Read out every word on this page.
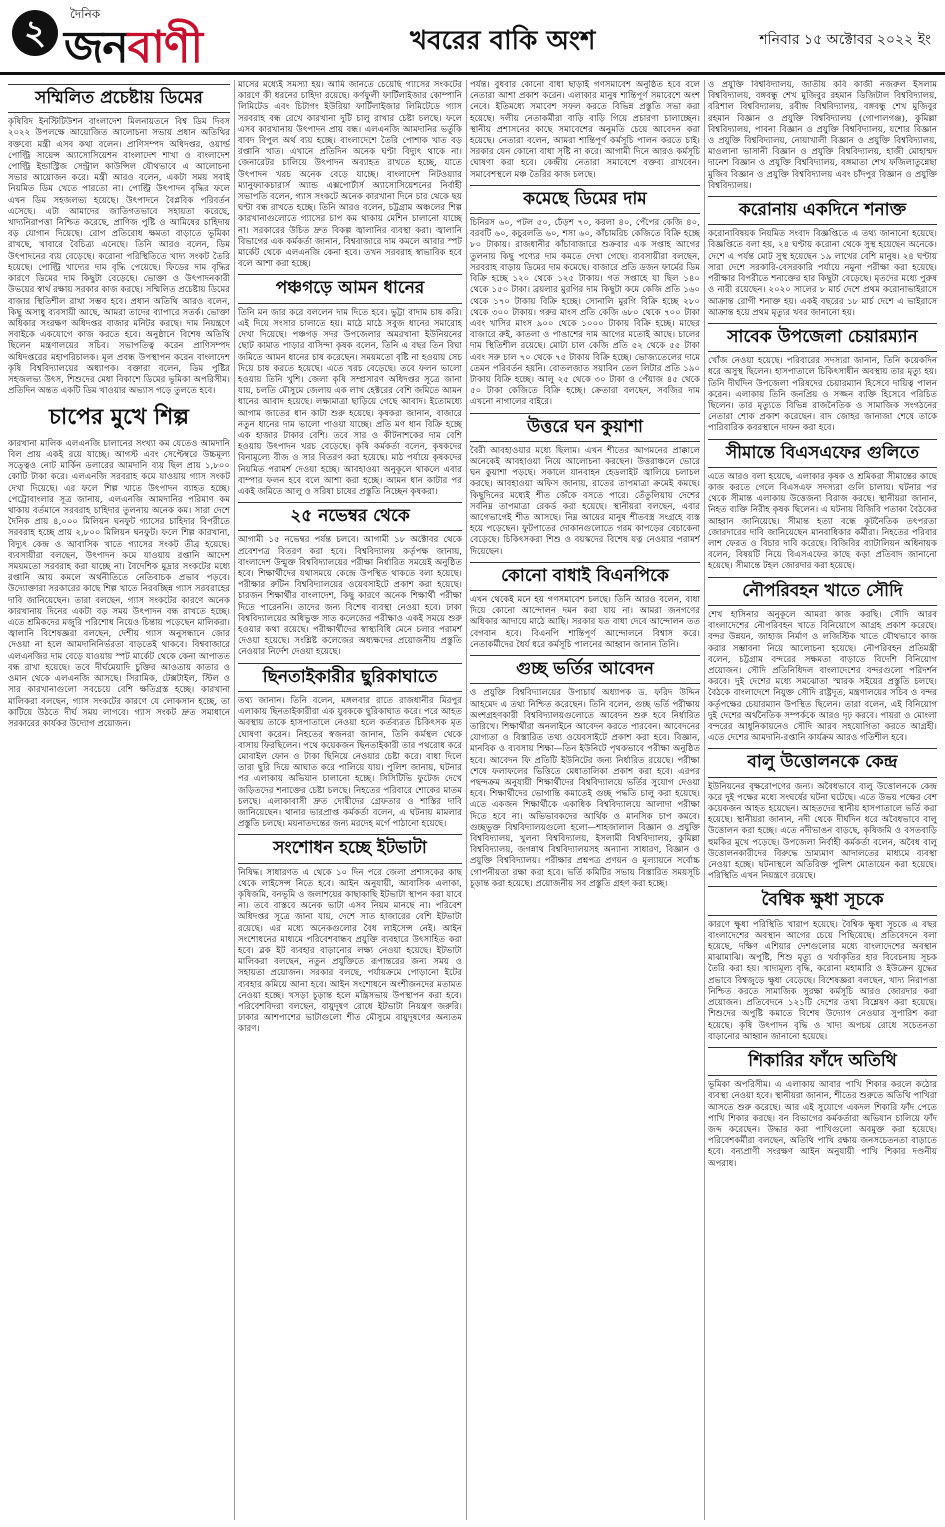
২	দৈনিক
জনবাণী	খবরের বাকি অংশ	শনিবার ১৫ অক্টোবর ২০২২ ইং
সম্মিলিত প্রচেষ্টায় ডিমের

কৃষিবিদ ইনস্টিটিউশন বাংলাদেশ মিলনায়তনে বিশ্ব ডিম দিবস ২০২২ উপলক্ষে আয়োজিত আলোচনা সভায় প্রধান অতিথির বক্তব্যে মন্ত্রী এসব কথা বলেন। প্রাণিসম্পদ অধিদপ্তর, ওয়ার্ল্ড পোল্ট্রি সায়েন্স অ্যাসোসিয়েশন বাংলাদেশ শাখা ও বাংলাদেশ পোল্ট্রি ইন্ডাস্ট্রিজ সেন্ট্রাল কাউন্সিল যৌথভাবে এ আলোচনা সভার আয়োজন করে। মন্ত্রী আরও বলেন, একটা সময় সবাই নিয়মিত ডিম খেতে পারতো না। পোল্ট্রি উৎপাদন বৃদ্ধির ফলে এখন ডিম সহজলভ্য হয়েছে। উৎপাদনে বৈপ্লবিক পরিবর্তন এসেছে। এটা আমাদের জাতিগতভাবে সহায়তা করেছে, খাদ্যনিরাপত্তা নিশ্চিত করেছে, প্রাণিজ পুষ্টি ও আমিষের চাহিদায় বড় যোগান দিয়েছে। রোগ প্রতিরোধ ক্ষমতা বাড়াতে ভূমিকা রাখছে, খাবারে বৈচিত্র্য এনেছে। তিনি আরও বলেন, ডিম উৎপাদনের ব্যয় বেড়েছে। করোনা পরিস্থিতিতে খাদ্য সংকট তৈরি হয়েছে। পোল্ট্রি খাদ্যের দাম বৃদ্ধি পেয়েছে। ফিডের দাম বৃদ্ধির কারণে ডিমের দাম কিছুটা বেড়েছে। ভোক্তা ও উৎপাদনকারী উভয়ের স্বার্থ রক্ষায় সরকার কাজ করছে। সম্মিলিত প্রচেষ্টায় ডিমের বাজার স্থিতিশীল রাখা সম্ভব হবে। প্রধান অতিথি আরও বলেন, কিছু অসাধু ব্যবসায়ী আছে, আমরা তাদের ব্যাপারে সতর্ক। ভোক্তা অধিকার সংরক্ষণ অধিদপ্তর বাজার মনিটর করছে। দাম নিয়ন্ত্রণে সবাইকে একযোগে কাজ করতে হবে। অনুষ্ঠানে বিশেষ অতিথি ছিলেন মন্ত্রণালয়ের সচিব। সভাপতিত্ব করেন প্রাণিসম্পদ অধিদপ্তরের মহাপরিচালক। মূল প্রবন্ধ উপস্থাপন করেন বাংলাদেশ কৃষি বিশ্ববিদ্যালয়ের অধ্যাপক। বক্তারা বলেন, ডিম পুষ্টির সহজলভ্য উৎস, শিশুদের মেধা বিকাশে ডিমের ভূমিকা অপরিসীম। প্রতিদিন অন্তত একটি ডিম খাওয়ার অভ্যাস গড়ে তুলতে হবে।

চাপের মুখে শিল্প

কারখানা মালিক এলএনজি চালানের সংখ্যা কম যেতেও আমদানি বিল প্রায় একই রয়ে যাচ্ছে। আগস্ট এবং সেপ্টেম্বরে উচ্চমূল্য সত্ত্বেও নোট মার্কিন ডলারের আমদানি ব্যয় ছিল প্রায় ১,৮০০ কোটি টাকা করে। এলএনজি সরবরাহ কমে যাওয়ায় গ্যাস সংকট দেখা দিয়েছে। এর ফলে শিল্প খাতে উৎপাদন ব্যাহত হচ্ছে। পেট্রোবাংলার সূত্র জানায়, এলএনজি আমদানির পরিমাণ কম থাকায় বর্তমানে সরবরাহ চাহিদার তুলনায় অনেক কম। সারা দেশে দৈনিক প্রায় ৪,০০০ মিলিয়ন ঘনফুট গ্যাসের চাহিদার বিপরীতে সরবরাহ হচ্ছে প্রায় ২,৮০০ মিলিয়ন ঘনফুট। ফলে শিল্প কারখানা, বিদ্যুৎ কেন্দ্র ও আবাসিক খাতে গ্যাসের সংকট তীব্র হয়েছে। ব্যবসায়ীরা বলছেন, উৎপাদন কমে যাওয়ায় রপ্তানি আদেশ সময়মতো সরবরাহ করা যাচ্ছে না। বৈদেশিক মুদ্রার সংকটের মধ্যে রপ্তানি আয় কমলে অর্থনীতিতে নেতিবাচক প্রভাব পড়বে। উদ্যোক্তারা সরকারের কাছে শিল্প খাতে নিরবচ্ছিন্ন গ্যাস সরবরাহের দাবি জানিয়েছেন। তারা বলছেন, গ্যাস সংকটের কারণে অনেক কারখানায় দিনের একটা বড় সময় উৎপাদন বন্ধ রাখতে হচ্ছে। এতে শ্রমিকদের মজুরি পরিশোধ নিয়েও চিন্তায় পড়েছেন মালিকরা। জ্বালানি বিশেষজ্ঞরা বলছেন, দেশীয় গ্যাস অনুসন্ধানে জোর দেওয়া না হলে আমদানিনির্ভরতা বাড়তেই থাকবে। বিশ্ববাজারে এলএনজির দাম বেড়ে যাওয়ায় স্পট মার্কেট থেকে কেনা আপাতত বন্ধ রাখা হয়েছে। তবে দীর্ঘমেয়াদি চুক্তির আওতায় কাতার ও ওমান থেকে এলএনজি আসছে। সিরামিক, টেক্সটাইল, স্টিল ও সার কারখানাগুলো সবচেয়ে বেশি ক্ষতিগ্রস্ত হচ্ছে। কারখানা মালিকরা বলছেন, গ্যাস সংকটের কারণে যে লোকসান হচ্ছে, তা কাটিয়ে উঠতে দীর্ঘ সময় লাগবে। গ্যাস সংকট দ্রুত সমাধানে সরকারের কার্যকর উদ্যোগ প্রয়োজন।

মাসের মধ্যেই সমস্যা হয়। আমি জানতে চেয়েছি গ্যাসের সংকটের কারণে কী ধরনের চাহিদা রয়েছে। কর্ণফুলী ফার্টিলাইজার কোম্পানি লিমিটেড এবং চিটাগং ইউরিয়া ফার্টিলাইজার লিমিটেডে গ্যাস সরবরাহ বন্ধ রেখে কারখানা দুটি চালু রাখার চেষ্টা চলছে। ফলে এসব কারখানায় উৎপাদন প্রায় বন্ধ। এলএনজি আমদানির ভর্তুকি বাবদ বিপুল অর্থ ব্যয় হচ্ছে। বাংলাদেশে তৈরি পোশাক খাত বড় রপ্তানি খাত। এখানে প্রতিদিন অনেক ঘণ্টা বিদ্যুৎ থাকে না। জেনারেটর চালিয়ে উৎপাদন অব্যাহত রাখতে হচ্ছে, যাতে উৎপাদন খরচ অনেক বেড়ে যাচ্ছে। বাংলাদেশ নিটওয়্যার ম্যানুফ্যাকচারার্স অ্যান্ড এক্সপোর্টার্স অ্যাসোসিয়েশনের নির্বাহী সভাপতি বলেন, গ্যাস সংকটে অনেক কারখানা দিনে চার থেকে ছয় ঘণ্টা বন্ধ রাখতে হচ্ছে। তিনি আরও বলেন, চট্টগ্রাম অঞ্চলের শিল্প কারখানাগুলোতে গ্যাসের চাপ কম থাকায় মেশিন চালানো যাচ্ছে না। সরকারের উচিত দ্রুত বিকল্প জ্বালানির ব্যবস্থা করা। জ্বালানি বিভাগের এক কর্মকর্তা জানান, বিশ্ববাজারে দাম কমলে আবার স্পট মার্কেট থেকে এলএনজি কেনা হবে। তখন সরবরাহ স্বাভাবিক হবে বলে আশা করা হচ্ছে।

পঞ্চগড়ে আমন ধানের

তিনি মন জার করে বললেন দাম দিতে হবে। ভুট্টা বাদাম চাষ করি। এই দিয়ে সংসার চালাতে হয়। মাঠে মাঠে সবুজ ধানের সমারোহ দেখা দিয়েছে। পঞ্চগড় সদর উপজেলার অমরখানা ইউনিয়নের ছোট কামাত পাড়ার বাসিন্দা কৃষক বলেন, তিনি এ বছর তিন বিঘা জমিতে আমন ধানের চাষ করেছেন। সময়মতো বৃষ্টি না হওয়ায় সেচ দিয়ে চাষ করতে হয়েছে। এতে খরচ বেড়েছে। তবে ফলন ভালো হওয়ায় তিনি খুশি। জেলা কৃষি সম্প্রসারণ অধিদপ্তর সূত্রে জানা যায়, চলতি মৌসুমে জেলায় এক লাখ হেক্টরের বেশি জমিতে আমন ধানের আবাদ হয়েছে। লক্ষ্যমাত্রা ছাড়িয়ে গেছে আবাদ। ইতোমধ্যে আগাম জাতের ধান কাটা শুরু হয়েছে। কৃষকরা জানান, বাজারে নতুন ধানের দাম ভালো পাওয়া যাচ্ছে। প্রতি মণ ধান বিক্রি হচ্ছে এক হাজার টাকার বেশি। তবে সার ও কীটনাশকের দাম বেশি হওয়ায় উৎপাদন খরচ বেড়েছে। কৃষি কর্মকর্তা বলেন, কৃষকদের বিনামূল্যে বীজ ও সার বিতরণ করা হয়েছে। মাঠ পর্যায়ে কৃষকদের নিয়মিত পরামর্শ দেওয়া হচ্ছে। আবহাওয়া অনুকূলে থাকলে এবার বাম্পার ফলন হবে বলে আশা করা হচ্ছে। আমন ধান কাটার পর একই জমিতে আলু ও সরিষা চাষের প্রস্তুতি নিচ্ছেন কৃষকরা।

২৫ নভেম্বর থেকে

আগামী ১৫ নভেম্বর পর্যন্ত চলবে। আগামী ১৮ অক্টোবর থেকে প্রবেশপত্র বিতরণ করা হবে। বিশ্ববিদ্যালয় কর্তৃপক্ষ জানায়, বাংলাদেশ উন্মুক্ত বিশ্ববিদ্যালয়ের পরীক্ষা নির্ধারিত সময়েই অনুষ্ঠিত হবে। শিক্ষার্থীদের যথাসময়ে কেন্দ্রে উপস্থিত থাকতে বলা হয়েছে। পরীক্ষার রুটিন বিশ্ববিদ্যালয়ের ওয়েবসাইটে প্রকাশ করা হয়েছে। চারজন শিক্ষার্থীর বাংলাদেশ, কিছু কারণে অনেক শিক্ষার্থী পরীক্ষা দিতে পারেননি। তাদের জন্য বিশেষ ব্যবস্থা নেওয়া হবে। ঢাকা বিশ্ববিদ্যালয়ের অধিভুক্ত সাত কলেজের পরীক্ষাও একই সময়ে শুরু হওয়ার কথা রয়েছে। পরীক্ষার্থীদের স্বাস্থ্যবিধি মেনে চলার পরামর্শ দেওয়া হয়েছে। সংশ্লিষ্ট কলেজের অধ্যক্ষদের প্রয়োজনীয় প্রস্তুতি নেওয়ার নির্দেশ দেওয়া হয়েছে।

ছিনতাইকারীর ছুরিকাঘাতে

তথ্য জানান। তিনি বলেন, মঙ্গলবার রাতে রাজধানীর মিরপুর এলাকায় ছিনতাইকারীরা এক যুবককে ছুরিকাঘাত করে। পরে আহত অবস্থায় তাকে হাসপাতালে নেওয়া হলে কর্তব্যরত চিকিৎসক মৃত ঘোষণা করেন। নিহতের স্বজনরা জানান, তিনি কর্মস্থল থেকে বাসায় ফিরছিলেন। পথে কয়েকজন ছিনতাইকারী তার পথরোধ করে মোবাইল ফোন ও টাকা ছিনিয়ে নেওয়ার চেষ্টা করে। বাধা দিলে তারা ছুরি দিয়ে আঘাত করে পালিয়ে যায়। পুলিশ জানায়, ঘটনার পর এলাকায় অভিযান চালানো হচ্ছে। সিসিটিভি ফুটেজ দেখে জড়িতদের শনাক্তের চেষ্টা চলছে। নিহতের পরিবারে শোকের মাতম চলছে। এলাকাবাসী দ্রুত দোষীদের গ্রেফতার ও শাস্তির দাবি জানিয়েছেন। থানার ভারপ্রাপ্ত কর্মকর্তা বলেন, এ ঘটনায় মামলার প্রস্তুতি চলছে। ময়নাতদন্তের জন্য মরদেহ মর্গে পাঠানো হয়েছে।

সংশোধন হচ্ছে ইটভাটা

নিষিদ্ধ। সাধারণত এ থেকে ১০ দিন পরে জেলা প্রশাসকের কাছ থেকে লাইসেন্স নিতে হবে। আইন অনুযায়ী, আবাসিক এলাকা, কৃষিজমি, বনভূমি ও জলাশয়ের কাছাকাছি ইটভাটা স্থাপন করা যাবে না। তবে বাস্তবে অনেক ভাটা এসব নিয়ম মানছে না। পরিবেশ অধিদপ্তর সূত্রে জানা যায়, দেশে সাত হাজারের বেশি ইটভাটা রয়েছে। এর মধ্যে অনেকগুলোর বৈধ লাইসেন্স নেই। আইন সংশোধনের মাধ্যমে পরিবেশবান্ধব প্রযুক্তি ব্যবহারে উৎসাহিত করা হবে। ব্লক ইট ব্যবহার বাড়ানোর লক্ষ্য নেওয়া হয়েছে। ইটভাটা মালিকরা বলছেন, নতুন প্রযুক্তিতে রূপান্তরের জন্য সময় ও সহায়তা প্রয়োজন। সরকার বলছে, পর্যায়ক্রমে পোড়ানো ইটের ব্যবহার কমিয়ে আনা হবে। আইন সংশোধনে অংশীজনদের মতামত নেওয়া হচ্ছে। খসড়া চূড়ান্ত হলে মন্ত্রিসভায় উপস্থাপন করা হবে। পরিবেশবিদরা বলছেন, বায়ুদূষণ রোধে ইটভাটা নিয়ন্ত্রণ জরুরি। ঢাকার আশপাশের ভাটাগুলো শীত মৌসুমে বায়ুদূষণের অন্যতম কারণ।

পর্যন্ত। বুধবার কোনো বাধা ছাড়াই গণসমাবেশ অনুষ্ঠিত হবে বলে নেতারা আশা প্রকাশ করেন। এলাকার মানুষ শান্তিপূর্ণ সমাবেশে অংশ নেবে। ইতিমধ্যে সমাবেশ সফল করতে বিভিন্ন প্রস্তুতি সভা করা হয়েছে। দলীয় নেতাকর্মীরা বাড়ি বাড়ি গিয়ে প্রচারণা চালাচ্ছেন। স্থানীয় প্রশাসনের কাছে সমাবেশের অনুমতি চেয়ে আবেদন করা হয়েছে। নেতারা বলেন, আমরা শান্তিপূর্ণ কর্মসূচি পালন করতে চাই। সরকার যেন কোনো বাধা সৃষ্টি না করে। আগামী দিনে আরও কর্মসূচি ঘোষণা করা হবে। কেন্দ্রীয় নেতারা সমাবেশে বক্তব্য রাখবেন। সমাবেশস্থলে মঞ্চ তৈরির কাজ চলছে।

কমেছে ডিমের দাম

চিনিরস ৬০, পটল ৫০, ঢেঁড়শ ৭০, করলা ৪০, পেঁপের কেজি ৪০, বরবটি ৬০, কচুরলতি ৬০, শসা ৬০, কাঁচামরিচ কেজিতে বিক্রি হচ্ছে ৮০ টাকায়। রাজধানীর কাঁচাবাজারে শুক্রবার এক সপ্তাহ আগের তুলনায় কিছু পণ্যের দাম কমতে দেখা গেছে। ব্যবসায়ীরা বলছেন, সরবরাহ বাড়ায় ডিমের দাম কমেছে। বাজারে প্রতি ডজন ফার্মের ডিম বিক্রি হচ্ছে ১২০ থেকে ১২৫ টাকায়। গত সপ্তাহে যা ছিল ১৪০ থেকে ১৫০ টাকা। ব্রয়লার মুরগির দাম কিছুটা কমে কেজি প্রতি ১৬০ থেকে ১৭০ টাকায় বিক্রি হচ্ছে। সোনালি মুরগি বিক্রি হচ্ছে ২৮০ থেকে ৩০০ টাকায়। গরুর মাংস প্রতি কেজি ৬৮০ থেকে ৭০০ টাকা এবং খাসির মাংস ৯০০ থেকে ১০০০ টাকায় বিক্রি হচ্ছে। মাছের বাজারে রুই, কাতলা ও পাঙাশের দাম আগের মতোই আছে। চালের দাম স্থিতিশীল রয়েছে। মোটা চাল কেজি প্রতি ৫২ থেকে ৫৫ টাকা এবং সরু চাল ৭০ থেকে ৭৫ টাকায় বিক্রি হচ্ছে। ভোজ্যতেলের দামে তেমন পরিবর্তন হয়নি। বোতলজাত সয়াবিন তেল লিটার প্রতি ১৯০ টাকায় বিক্রি হচ্ছে। আলু ২৫ থেকে ৩০ টাকা ও পেঁয়াজ ৪৫ থেকে ৫০ টাকা কেজিতে বিক্রি হচ্ছে। ক্রেতারা বলছেন, সবজির দাম এখনো নাগালের বাইরে।

উত্তরে ঘন কুয়াশা

বৈরী আবহাওয়ার মধ্যে ছিলাম। এখন শীতের আগমনের প্রাক্কালে অনেকেই আবহাওয়া নিয়ে আলোচনা করছেন। উত্তরাঞ্চলে ভোরে ঘন কুয়াশা পড়ছে। সকালে যানবাহন হেডলাইট জ্বালিয়ে চলাচল করছে। আবহাওয়া অফিস জানায়, রাতের তাপমাত্রা ক্রমেই কমছে। কিছুদিনের মধ্যেই শীত জেঁকে বসতে পারে। তেঁতুলিয়ায় দেশের সর্বনিম্ন তাপমাত্রা রেকর্ড করা হয়েছে। স্থানীয়রা বলছেন, এবার আগেভাগেই শীত আসছে। নিম্ন আয়ের মানুষ শীতবস্ত্র সংগ্রহে ব্যস্ত হয়ে পড়েছেন। ফুটপাতের দোকানগুলোতে গরম কাপড়ের বেচাকেনা বেড়েছে। চিকিৎসকরা শিশু ও বয়স্কদের বিশেষ যত্ন নেওয়ার পরামর্শ দিয়েছেন।

কোনো বাধাই বিএনপিকে

এখন থেকেই মনে হয় গণসমাবেশ চলছে। তিনি আরও বলেন, বাধা দিয়ে কোনো আন্দোলন দমন করা যায় না। আমরা জনগণের অধিকার আদায়ে মাঠে আছি। সরকার যত বাধা দেবে আন্দোলন তত বেগবান হবে। বিএনপি শান্তিপূর্ণ আন্দোলনে বিশ্বাস করে। নেতাকর্মীদের ধৈর্য ধরে কর্মসূচি পালনের আহ্বান জানান তিনি।

গুচ্ছ ভর্তির আবেদন

ও প্রযুক্তি বিশ্ববিদ্যালয়ের উপাচার্য অধ্যাপক ড. ফরিদ উদ্দিন আহমেদ এ তথ্য নিশ্চিত করেছেন। তিনি বলেন, গুচ্ছ ভর্তি পরীক্ষায় অংশগ্রহণকারী বিশ্ববিদ্যালয়গুলোতে আবেদন শুরু হবে নির্ধারিত তারিখে। শিক্ষার্থীরা অনলাইনে আবেদন করতে পারবেন। আবেদনের যোগ্যতা ও বিস্তারিত তথ্য ওয়েবসাইটে প্রকাশ করা হবে। বিজ্ঞান, মানবিক ও ব্যবসায় শিক্ষা—তিন ইউনিটে পৃথকভাবে পরীক্ষা অনুষ্ঠিত হবে। আবেদন ফি প্রতিটি ইউনিটের জন্য নির্ধারিত রয়েছে। পরীক্ষা শেষে ফলাফলের ভিত্তিতে মেধাতালিকা প্রকাশ করা হবে। এরপর পছন্দক্রম অনুযায়ী শিক্ষার্থীদের বিশ্ববিদ্যালয়ে ভর্তির সুযোগ দেওয়া হবে। শিক্ষার্থীদের ভোগান্তি কমাতেই গুচ্ছ পদ্ধতি চালু করা হয়েছে। এতে একজন শিক্ষার্থীকে একাধিক বিশ্ববিদ্যালয়ে আলাদা পরীক্ষা দিতে হবে না। অভিভাবকদের আর্থিক ও মানসিক চাপ কমবে। গুচ্ছভুক্ত বিশ্ববিদ্যালয়গুলো হলো—শাহজালাল বিজ্ঞান ও প্রযুক্তি বিশ্ববিদ্যালয়, খুলনা বিশ্ববিদ্যালয়, ইসলামী বিশ্ববিদ্যালয়, কুমিল্লা বিশ্ববিদ্যালয়, জগন্নাথ বিশ্ববিদ্যালয়সহ অন্যান্য সাধারণ, বিজ্ঞান ও প্রযুক্তি বিশ্ববিদ্যালয়। পরীক্ষার প্রশ্নপত্র প্রণয়ন ও মূল্যায়নে সর্বোচ্চ গোপনীয়তা রক্ষা করা হবে। ভর্তি কমিটির সভায় বিস্তারিত সময়সূচি চূড়ান্ত করা হয়েছে। প্রয়োজনীয় সব প্রস্তুতি গ্রহণ করা হচ্ছে।

ও প্রযুক্তি বিশ্ববিদ্যালয়, জাতীয় কবি কাজী নজরুল ইসলাম বিশ্ববিদ্যালয়, বঙ্গবন্ধু শেখ মুজিবুর রহমান ডিজিটাল বিশ্ববিদ্যালয়, বরিশাল বিশ্ববিদ্যালয়, রবীন্দ্র বিশ্ববিদ্যালয়, বঙ্গবন্ধু শেখ মুজিবুর রহমান বিজ্ঞান ও প্রযুক্তি বিশ্ববিদ্যালয় (গোপালগঞ্জ), কুমিল্লা বিশ্ববিদ্যালয়, পাবনা বিজ্ঞান ও প্রযুক্তি বিশ্ববিদ্যালয়, যশোর বিজ্ঞান ও প্রযুক্তি বিশ্ববিদ্যালয়, নোয়াখালী বিজ্ঞান ও প্রযুক্তি বিশ্ববিদ্যালয়, মাওলানা ভাসানী বিজ্ঞান ও প্রযুক্তি বিশ্ববিদ্যালয়, হাজী মোহাম্মদ দানেশ বিজ্ঞান ও প্রযুক্তি বিশ্ববিদ্যালয়, বঙ্গমাতা শেখ ফজিলাতুন্নেছা মুজিব বিজ্ঞান ও প্রযুক্তি বিশ্ববিদ্যালয় এবং চাঁদপুর বিজ্ঞান ও প্রযুক্তি বিশ্ববিদ্যালয়।

করোনায় একদিনে শনাক্ত

করোনাবিষয়ক নিয়মিত সংবাদ বিজ্ঞপ্তিতে এ তথ্য জানানো হয়েছে। বিজ্ঞপ্তিতে বলা হয়, ২৪ ঘণ্টায় করোনা থেকে সুস্থ হয়েছেন অনেকে। দেশে এ পর্যন্ত মোট সুস্থ হয়েছেন ১৯ লাখের বেশি মানুষ। ২৪ ঘণ্টায় সারা দেশে সরকারি-বেসরকারি পর্যায়ে নমুনা পরীক্ষা করা হয়েছে। পরীক্ষার বিপরীতে শনাক্তের হার কিছুটা বেড়েছে। মৃতদের মধ্যে পুরুষ ও নারী রয়েছেন। ২০২০ সালের ৮ মার্চ দেশে প্রথম করোনাভাইরাসে আক্রান্ত রোগী শনাক্ত হয়। একই বছরের ১৮ মার্চ দেশে এ ভাইরাসে আক্রান্ত হয়ে প্রথম মৃত্যুর খবর জানানো হয়।

সাবেক উপজেলা চেয়ারম্যান

খোঁজ নেওয়া হয়েছে। পরিবারের সদস্যরা জানান, তিনি কয়েকদিন ধরে অসুস্থ ছিলেন। হাসপাতালে চিকিৎসাধীন অবস্থায় তার মৃত্যু হয়। তিনি দীর্ঘদিন উপজেলা পরিষদের চেয়ারম্যান হিসেবে দায়িত্ব পালন করেন। এলাকায় তিনি জনপ্রিয় ও সজ্জন ব্যক্তি হিসেবে পরিচিত ছিলেন। তার মৃত্যুতে বিভিন্ন রাজনৈতিক ও সামাজিক সংগঠনের নেতারা শোক প্রকাশ করেছেন। বাদ জোহর জানাজা শেষে তাকে পারিবারিক কবরস্থানে দাফন করা হবে।

সীমান্তে বিএসএফের গুলিতে

এতে আরও বলা হয়েছে, এলাকার কৃষক ও শ্রমিকরা সীমান্তের কাছে কাজ করতে গেলে বিএসএফ সদস্যরা গুলি চালায়। ঘটনার পর থেকে সীমান্ত এলাকায় উত্তেজনা বিরাজ করছে। স্থানীয়রা জানান, নিহত ব্যক্তি নিরীহ কৃষক ছিলেন। এ ঘটনায় বিজিবি পতাকা বৈঠকের আহ্বান জানিয়েছে। সীমান্ত হত্যা বন্ধে কূটনৈতিক তৎপরতা জোরদারের দাবি জানিয়েছেন মানবাধিকার কর্মীরা। নিহতের পরিবার লাশ ফেরত ও বিচার দাবি করেছে। বিজিবির ব্যাটালিয়ন অধিনায়ক বলেন, বিষয়টি নিয়ে বিএসএফের কাছে কড়া প্রতিবাদ জানানো হয়েছে। সীমান্তে টহল জোরদার করা হয়েছে।

নৌপরিবহন খাতে সৌদি

শেখ হাসিনার অনুকূলে আমরা কাজ করছি। সৌদি আরব বাংলাদেশের নৌপরিবহন খাতে বিনিয়োগে আগ্রহ প্রকাশ করেছে। বন্দর উন্নয়ন, জাহাজ নির্মাণ ও লজিস্টিক খাতে যৌথভাবে কাজ করার সম্ভাবনা নিয়ে আলোচনা হয়েছে। নৌপরিবহন প্রতিমন্ত্রী বলেন, চট্টগ্রাম বন্দরের সক্ষমতা বাড়াতে বিদেশি বিনিয়োগ প্রয়োজন। সৌদি প্রতিনিধিদল বাংলাদেশের বন্দরগুলো পরিদর্শন করবে। দুই দেশের মধ্যে সমঝোতা স্মারক সইয়ের প্রস্তুতি চলছে। বৈঠকে বাংলাদেশে নিযুক্ত সৌদি রাষ্ট্রদূত, মন্ত্রণালয়ের সচিব ও বন্দর কর্তৃপক্ষের চেয়ারম্যান উপস্থিত ছিলেন। তারা বলেন, এই বিনিয়োগ দুই দেশের অর্থনৈতিক সম্পর্ককে আরও দৃঢ় করবে। পায়রা ও মোংলা বন্দরের আধুনিকায়নেও সৌদি আরব সহযোগিতা করতে আগ্রহী। এতে দেশের আমদানি-রপ্তানি কার্যক্রম আরও গতিশীল হবে।

বালু উত্তোলনকে কেন্দ্র

ইউনিয়নের বৃক্ষরোপণের জন্য। অবৈধভাবে বালু উত্তোলনকে কেন্দ্র করে দুই পক্ষের মধ্যে সংঘর্ষের ঘটনা ঘটেছে। এতে উভয় পক্ষের বেশ কয়েকজন আহত হয়েছেন। আহতদের স্থানীয় হাসপাতালে ভর্তি করা হয়েছে। স্থানীয়রা জানান, নদী থেকে দীর্ঘদিন ধরে অবৈধভাবে বালু উত্তোলন করা হচ্ছে। এতে নদীভাঙন বাড়ছে, কৃষিজমি ও বসতবাড়ি হুমকির মুখে পড়েছে। উপজেলা নির্বাহী কর্মকর্তা বলেন, অবৈধ বালু উত্তোলনকারীদের বিরুদ্ধে ভ্রাম্যমাণ আদালতের মাধ্যমে ব্যবস্থা নেওয়া হচ্ছে। ঘটনাস্থলে অতিরিক্ত পুলিশ মোতায়েন করা হয়েছে। পরিস্থিতি এখন নিয়ন্ত্রণে রয়েছে।

বৈশ্বিক ক্ষুধা সূচকে

কারণে ক্ষুধা পরিস্থিতি খারাপ হয়েছে। বৈশ্বিক ক্ষুধা সূচকে এ বছর বাংলাদেশের অবস্থান আগের চেয়ে পিছিয়েছে। প্রতিবেদনে বলা হয়েছে, দক্ষিণ এশিয়ার দেশগুলোর মধ্যে বাংলাদেশের অবস্থান মাঝামাঝি। অপুষ্টি, শিশু মৃত্যু ও খর্বাকৃতির হার বিবেচনায় সূচক তৈরি করা হয়। খাদ্যমূল্য বৃদ্ধি, করোনা মহামারি ও ইউক্রেন যুদ্ধের প্রভাবে বিশ্বজুড়ে ক্ষুধা বেড়েছে। বিশেষজ্ঞরা বলছেন, খাদ্য নিরাপত্তা নিশ্চিত করতে সামাজিক সুরক্ষা কর্মসূচি আরও জোরদার করা প্রয়োজন। প্রতিবেদনে ১২১টি দেশের তথ্য বিশ্লেষণ করা হয়েছে। শিশুদের অপুষ্টি কমাতে বিশেষ উদ্যোগ নেওয়ার সুপারিশ করা হয়েছে। কৃষি উৎপাদন বৃদ্ধি ও খাদ্য অপচয় রোধে সচেতনতা বাড়ানোর আহ্বান জানানো হয়েছে।

শিকারির ফাঁদে অতিথি

ভূমিকা অপরিসীম। এ এলাকায় আবার পাখি শিকার করলে কঠোর ব্যবস্থা নেওয়া হবে। স্থানীয়রা জানান, শীতের শুরুতে অতিথি পাখিরা আসতে শুরু করেছে। আর এই সুযোগে একদল শিকারি ফাঁদ পেতে পাখি শিকার করছে। বন বিভাগের কর্মকর্তারা অভিযান চালিয়ে ফাঁদ জব্দ করেছেন। উদ্ধার করা পাখিগুলো অবমুক্ত করা হয়েছে। পরিবেশকর্মীরা বলছেন, অতিথি পাখি রক্ষায় জনসচেতনতা বাড়াতে হবে। বন্যপ্রাণী সংরক্ষণ আইন অনুযায়ী পাখি শিকার দণ্ডনীয় অপরাধ।
